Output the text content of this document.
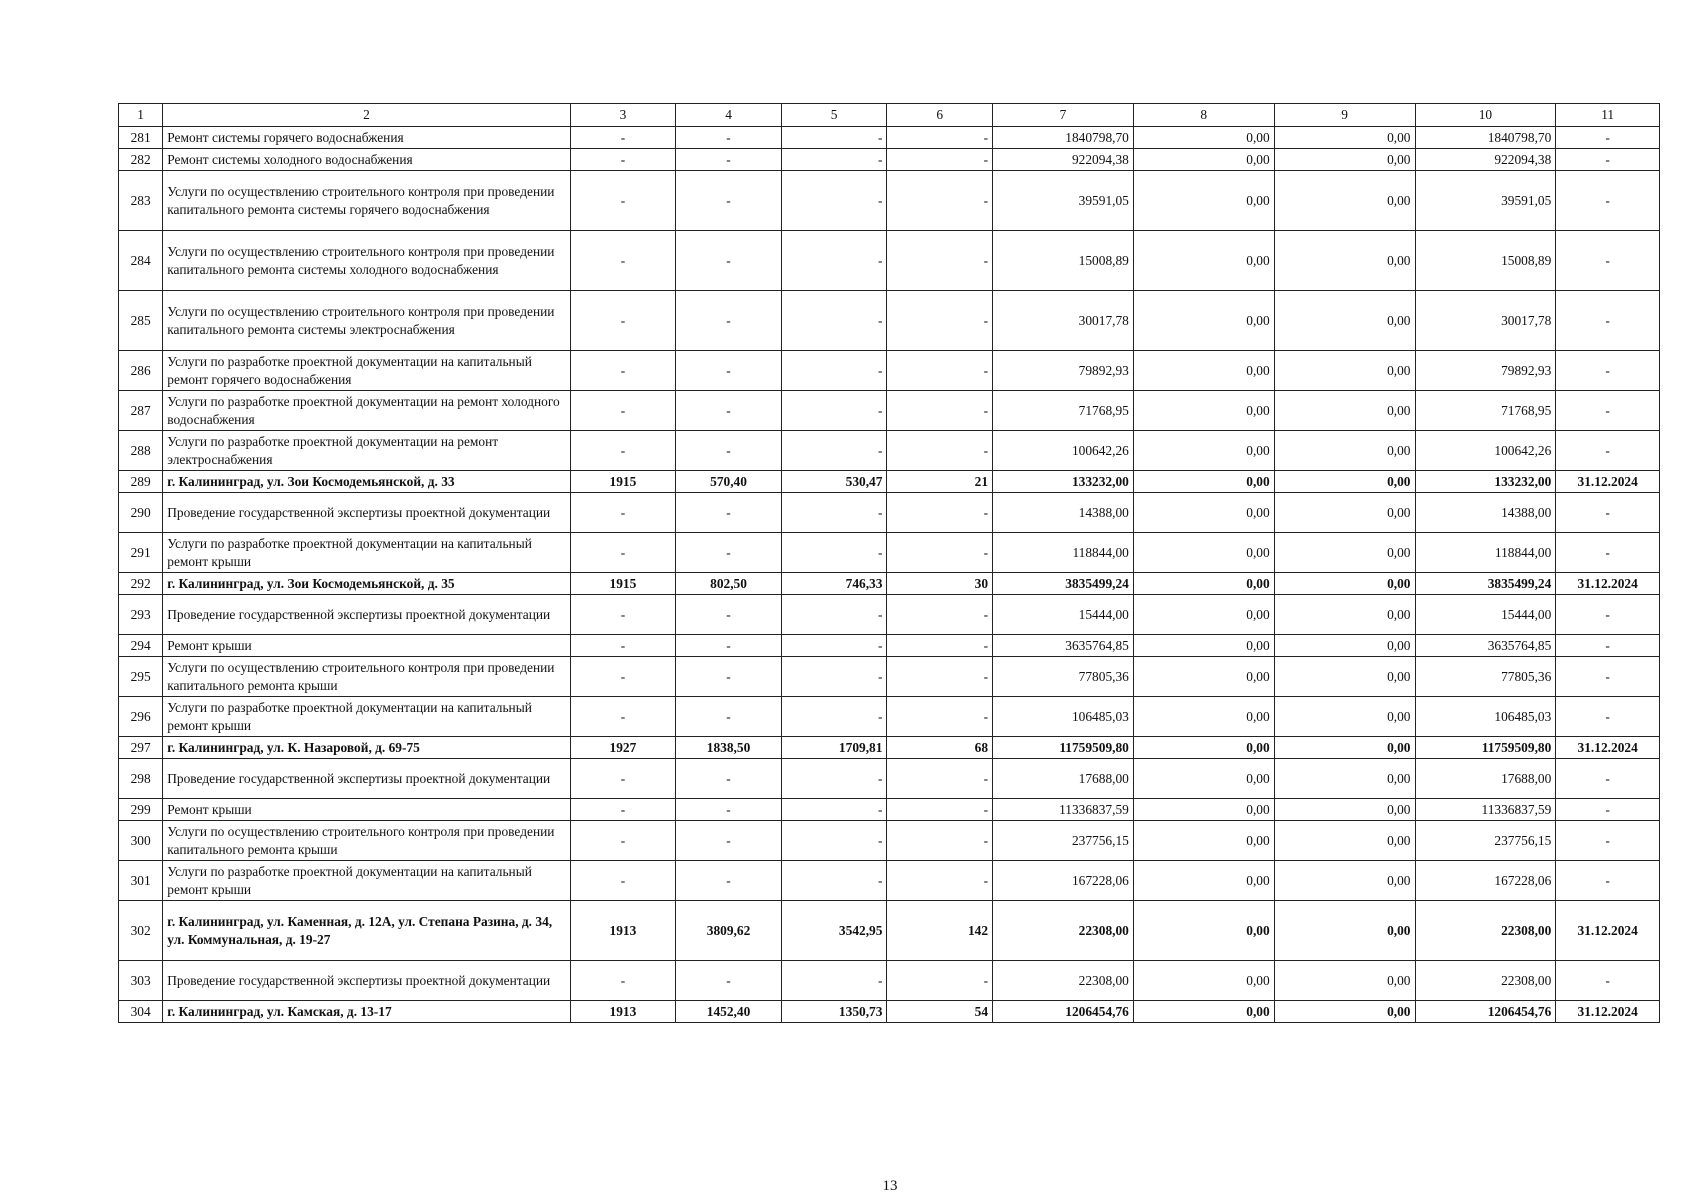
1	2	3	4	5	6	7	8	9	10	11
281	Ремонт системы горячего водоснабжения	-	-	-	-	1840798,70	0,00	0,00	1840798,70	-
282	Ремонт системы холодного водоснабжения	-	-	-	-	922094,38	0,00	0,00	922094,38	-
283	Услуги по осуществлению строительного контроля при проведении капитального ремонта системы горячего водоснабжения	-	-	-	-	39591,05	0,00	0,00	39591,05	-
284	Услуги по осуществлению строительного контроля при проведении капитального ремонта системы холодного водоснабжения	-	-	-	-	15008,89	0,00	0,00	15008,89	-
285	Услуги по осуществлению строительного контроля при проведении капитального ремонта системы электроснабжения	-	-	-	-	30017,78	0,00	0,00	30017,78	-
286	Услуги по разработке проектной документации на капитальный ремонт горячего водоснабжения	-	-	-	-	79892,93	0,00	0,00	79892,93	-
287	Услуги по разработке проектной документации на ремонт холодного водоснабжения	-	-	-	-	71768,95	0,00	0,00	71768,95	-
288	Услуги по разработке проектной документации на ремонт электроснабжения	-	-	-	-	100642,26	0,00	0,00	100642,26	-
289	г. Калининград, ул. Зои Космодемьянской, д. 33	1915	570,40	530,47	21	133232,00	0,00	0,00	133232,00	31.12.2024
290	Проведение государственной экспертизы проектной документации	-	-	-	-	14388,00	0,00	0,00	14388,00	-
291	Услуги по разработке проектной документации на капитальный ремонт крыши	-	-	-	-	118844,00	0,00	0,00	118844,00	-
292	г. Калининград, ул. Зои Космодемьянской, д. 35	1915	802,50	746,33	30	3835499,24	0,00	0,00	3835499,24	31.12.2024
293	Проведение государственной экспертизы проектной документации	-	-	-	-	15444,00	0,00	0,00	15444,00	-
294	Ремонт крыши	-	-	-	-	3635764,85	0,00	0,00	3635764,85	-
295	Услуги по осуществлению строительного контроля при проведении капитального ремонта крыши	-	-	-	-	77805,36	0,00	0,00	77805,36	-
296	Услуги по разработке проектной документации на капитальный ремонт крыши	-	-	-	-	106485,03	0,00	0,00	106485,03	-
297	г. Калининград, ул. К. Назаровой, д. 69-75	1927	1838,50	1709,81	68	11759509,80	0,00	0,00	11759509,80	31.12.2024
298	Проведение государственной экспертизы проектной документации	-	-	-	-	17688,00	0,00	0,00	17688,00	-
299	Ремонт крыши	-	-	-	-	11336837,59	0,00	0,00	11336837,59	-
300	Услуги по осуществлению строительного контроля при проведении капитального ремонта крыши	-	-	-	-	237756,15	0,00	0,00	237756,15	-
301	Услуги по разработке проектной документации на капитальный ремонт крыши	-	-	-	-	167228,06	0,00	0,00	167228,06	-
302	г. Калининград, ул. Каменная, д. 12А, ул. Степана Разина, д. 34, ул. Коммунальная, д. 19-27	1913	3809,62	3542,95	142	22308,00	0,00	0,00	22308,00	31.12.2024
303	Проведение государственной экспертизы проектной документации	-	-	-	-	22308,00	0,00	0,00	22308,00	-
304	г. Калининград, ул. Камская, д. 13-17	1913	1452,40	1350,73	54	1206454,76	0,00	0,00	1206454,76	31.12.2024
13
